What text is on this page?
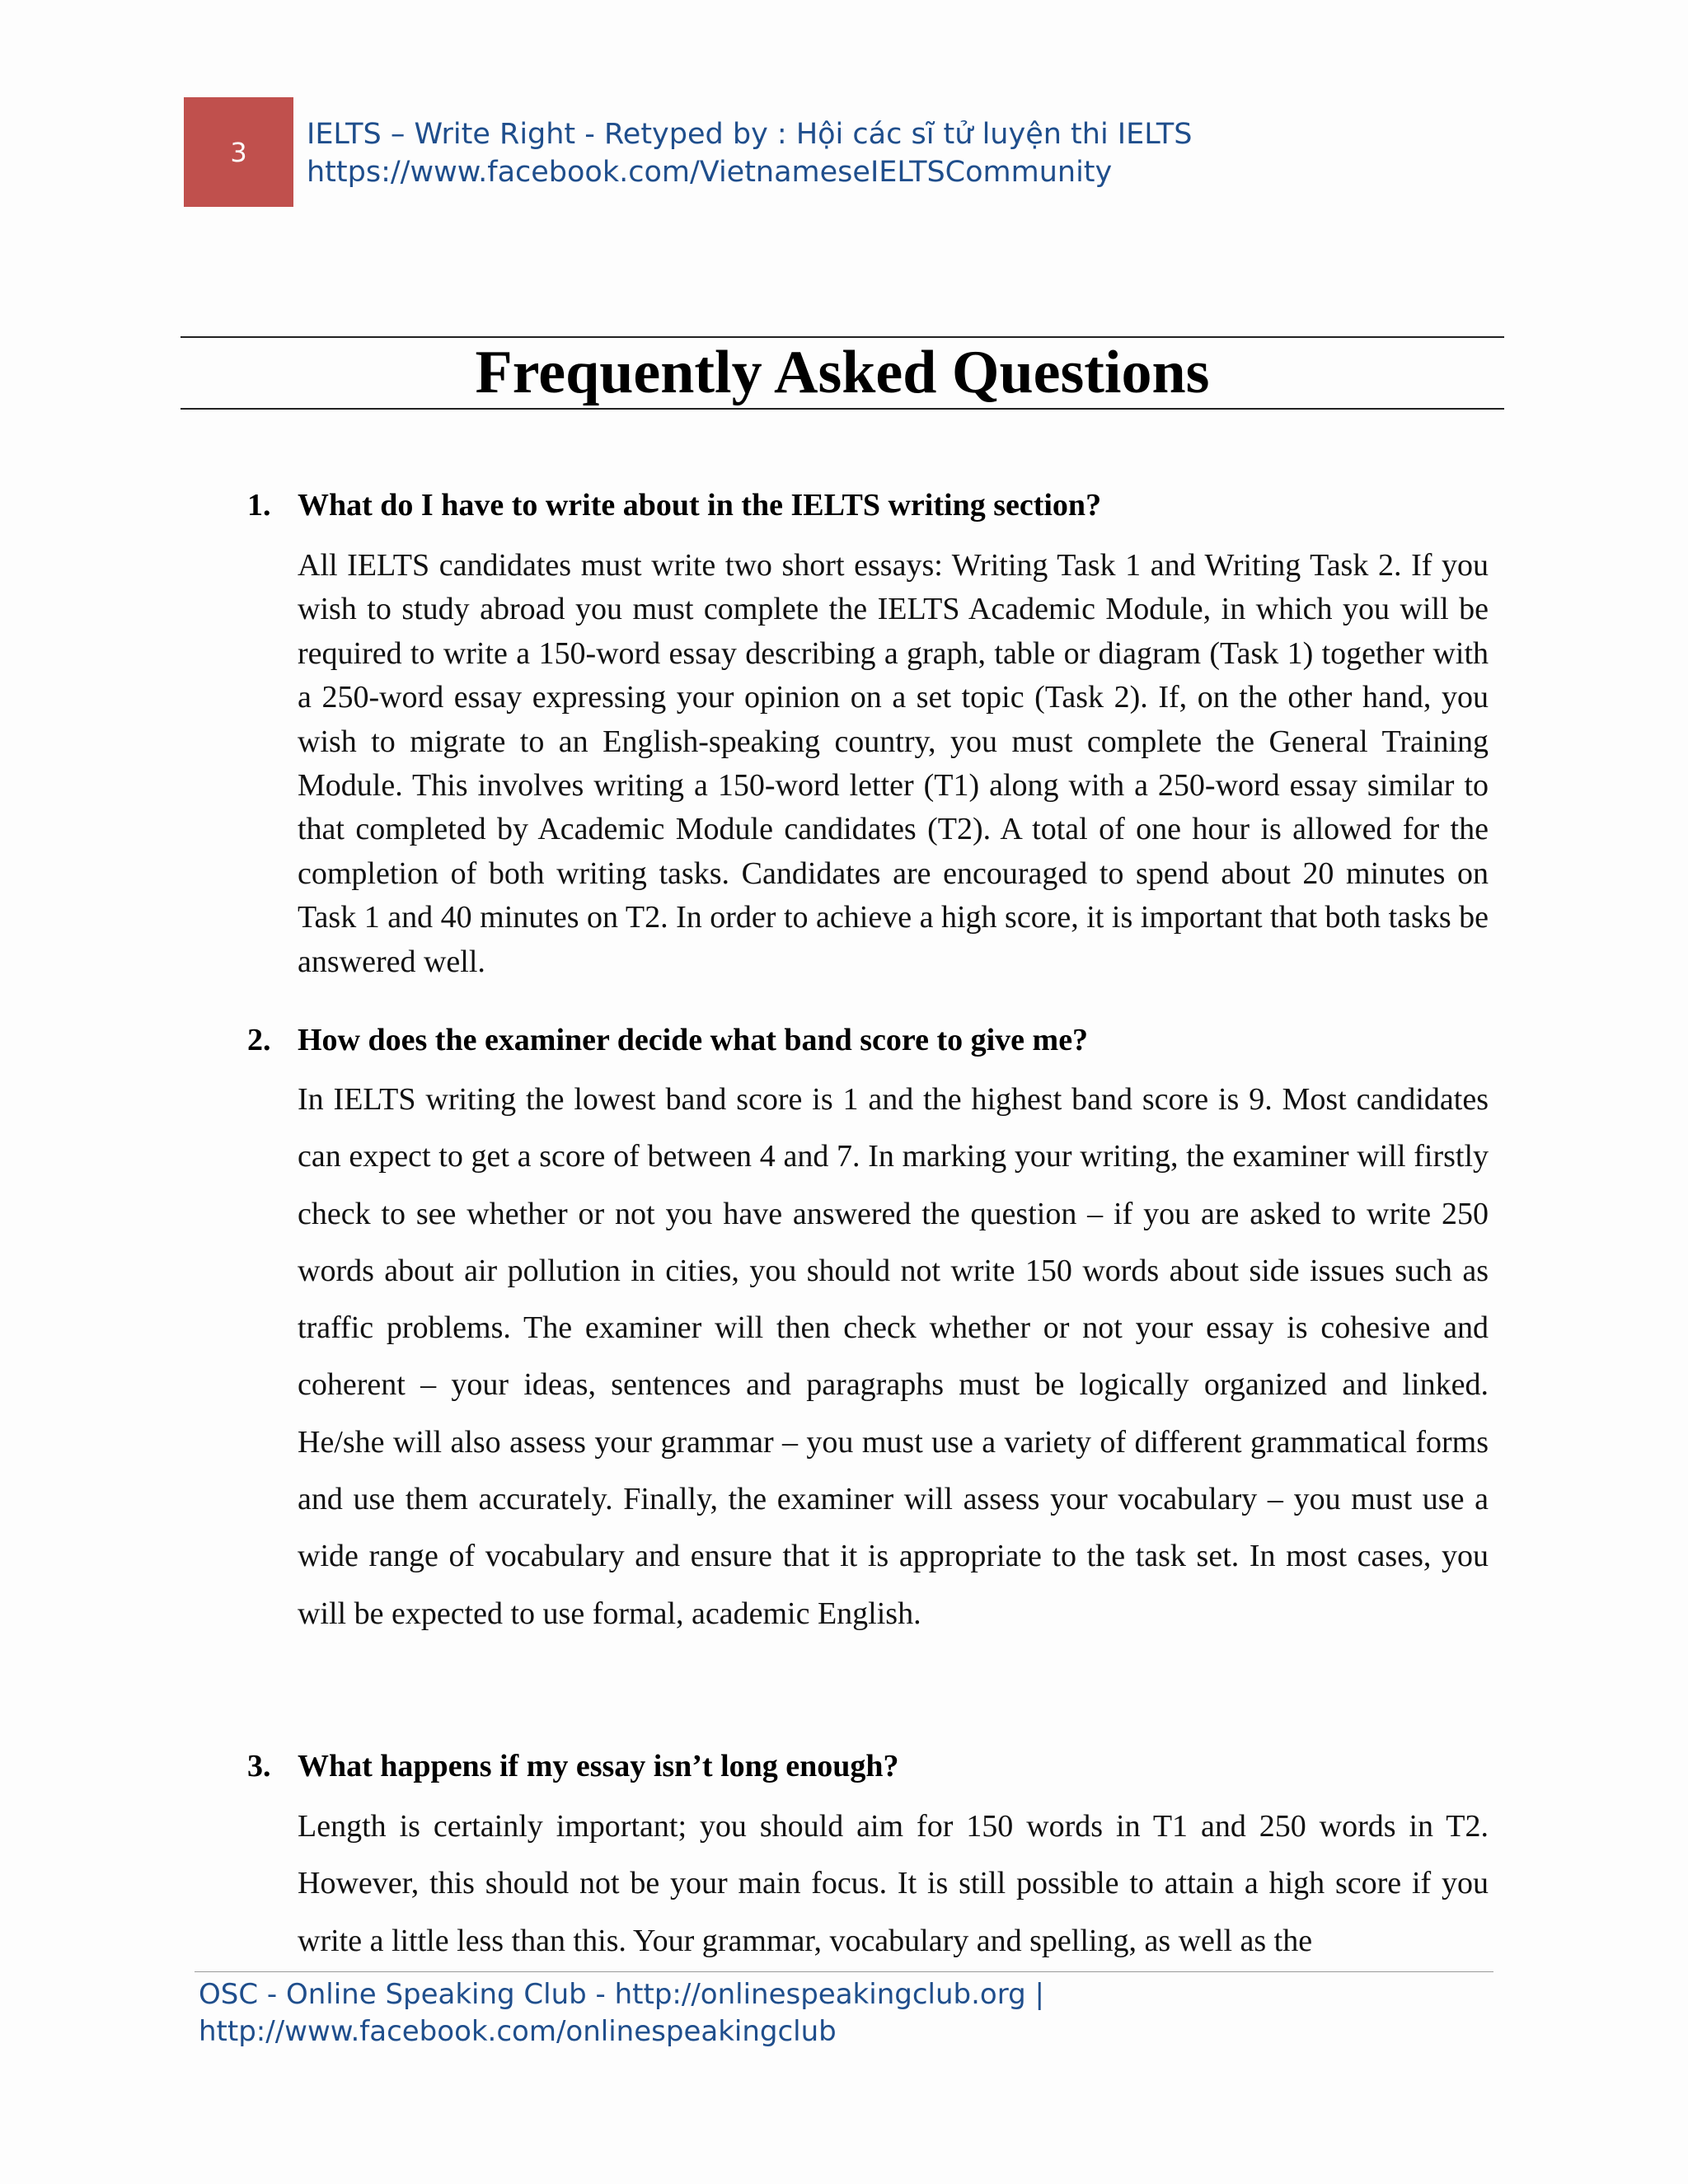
3
IELTS – Write Right - Retyped by : Hội các sĩ tử luyện thi IELTS
https://www.facebook.com/VietnameseIELTSCommunity
Frequently Asked Questions
1. What do I have to write about in the IELTS writing section?
All IELTS candidates must write two short essays: Writing Task 1 and Writing Task 2. If you wish to study abroad you must complete the IELTS Academic Module, in which you will be required to write a 150-word essay describing a graph, table or diagram (Task 1) together with a 250-word essay expressing your opinion on a set topic (Task 2). If, on the other hand, you wish to migrate to an English-speaking country, you must complete the General Training Module. This involves writing a 150-word letter (T1) along with a 250-word essay similar to that completed by Academic Module candidates (T2). A total of one hour is allowed for the completion of both writing tasks. Candidates are encouraged to spend about 20 minutes on Task 1 and 40 minutes on T2. In order to achieve a high score, it is important that both tasks be answered well.
2. How does the examiner decide what band score to give me?
In IELTS writing the lowest band score is 1 and the highest band score is 9. Most candidates can expect to get a score of between 4 and 7. In marking your writing, the examiner will firstly check to see whether or not you have answered the question – if you are asked to write 250 words about air pollution in cities, you should not write 150 words about side issues such as traffic problems. The examiner will then check whether or not your essay is cohesive and coherent – your ideas, sentences and paragraphs must be logically organized and linked. He/she will also assess your grammar – you must use a variety of different grammatical forms and use them accurately. Finally, the examiner will assess your vocabulary – you must use a wide range of vocabulary and ensure that it is appropriate to the task set. In most cases, you will be expected to use formal, academic English.
3. What happens if my essay isn’t long enough?
Length is certainly important; you should aim for 150 words in T1 and 250 words in T2. However, this should not be your main focus. It is still possible to attain a high score if you write a little less than this. Your grammar, vocabulary and spelling, as well as the
OSC - Online Speaking Club - http://onlinespeakingclub.org |
http://www.facebook.com/onlinespeakingclub
